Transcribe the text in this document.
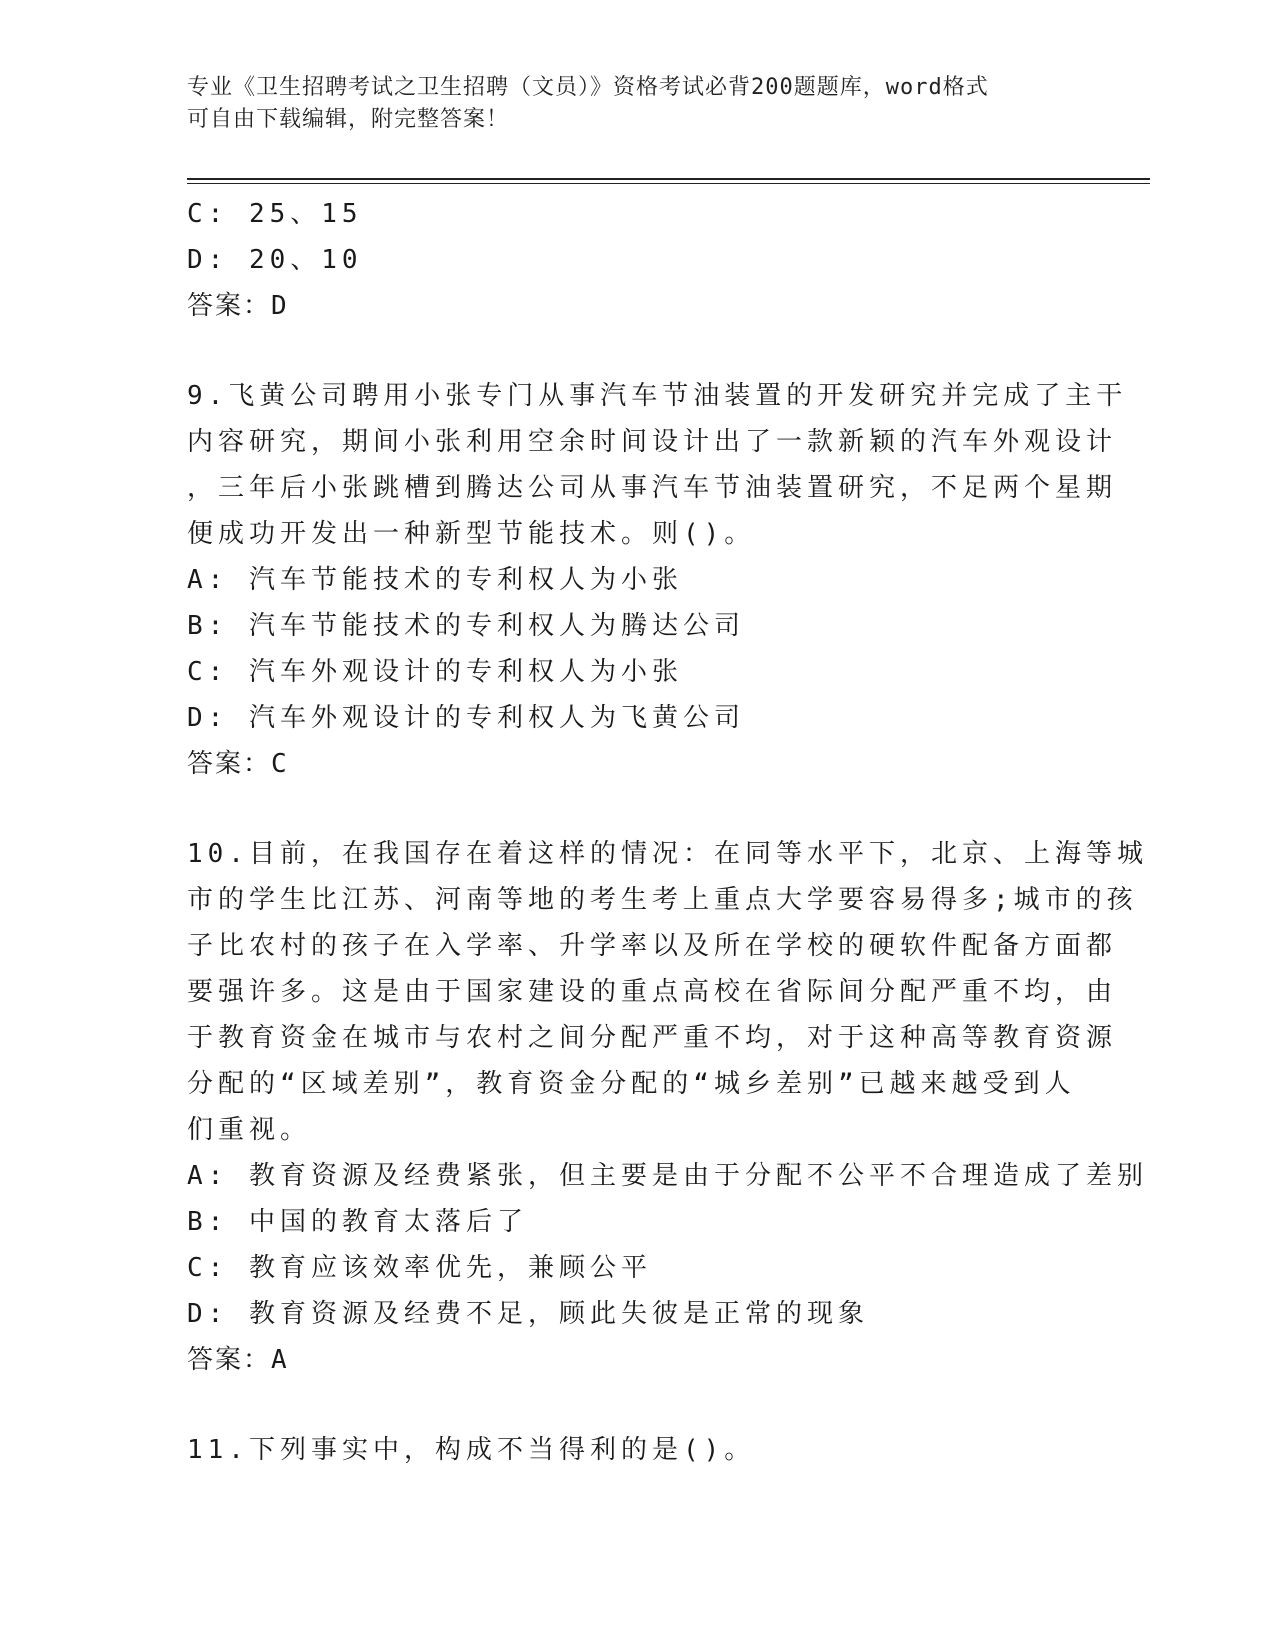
专业《卫生招聘考试之卫生招聘（文员）》资格考试必背200题题库，word格式
可自由下载编辑，附完整答案！
C: 25、15
D: 20、10
答案：D
9.飞黄公司聘用小张专门从事汽车节油装置的开发研究并完成了主干
内容研究，期间小张利用空余时间设计出了一款新颖的汽车外观设计
，三年后小张跳槽到腾达公司从事汽车节油装置研究，不足两个星期
便成功开发出一种新型节能技术。则()。
A: 汽车节能技术的专利权人为小张
B: 汽车节能技术的专利权人为腾达公司
C: 汽车外观设计的专利权人为小张
D: 汽车外观设计的专利权人为飞黄公司
答案：C
10.目前，在我国存在着这样的情况：在同等水平下，北京、上海等城
市的学生比江苏、河南等地的考生考上重点大学要容易得多;城市的孩
子比农村的孩子在入学率、升学率以及所在学校的硬软件配备方面都
要强许多。这是由于国家建设的重点高校在省际间分配严重不均，由
于教育资金在城市与农村之间分配严重不均，对于这种高等教育资源
分配的“区域差别”，教育资金分配的“城乡差别”已越来越受到人
们重视。
A: 教育资源及经费紧张，但主要是由于分配不公平不合理造成了差别
B: 中国的教育太落后了
C: 教育应该效率优先，兼顾公平
D: 教育资源及经费不足，顾此失彼是正常的现象
答案：A
11.下列事实中，构成不当得利的是()。
